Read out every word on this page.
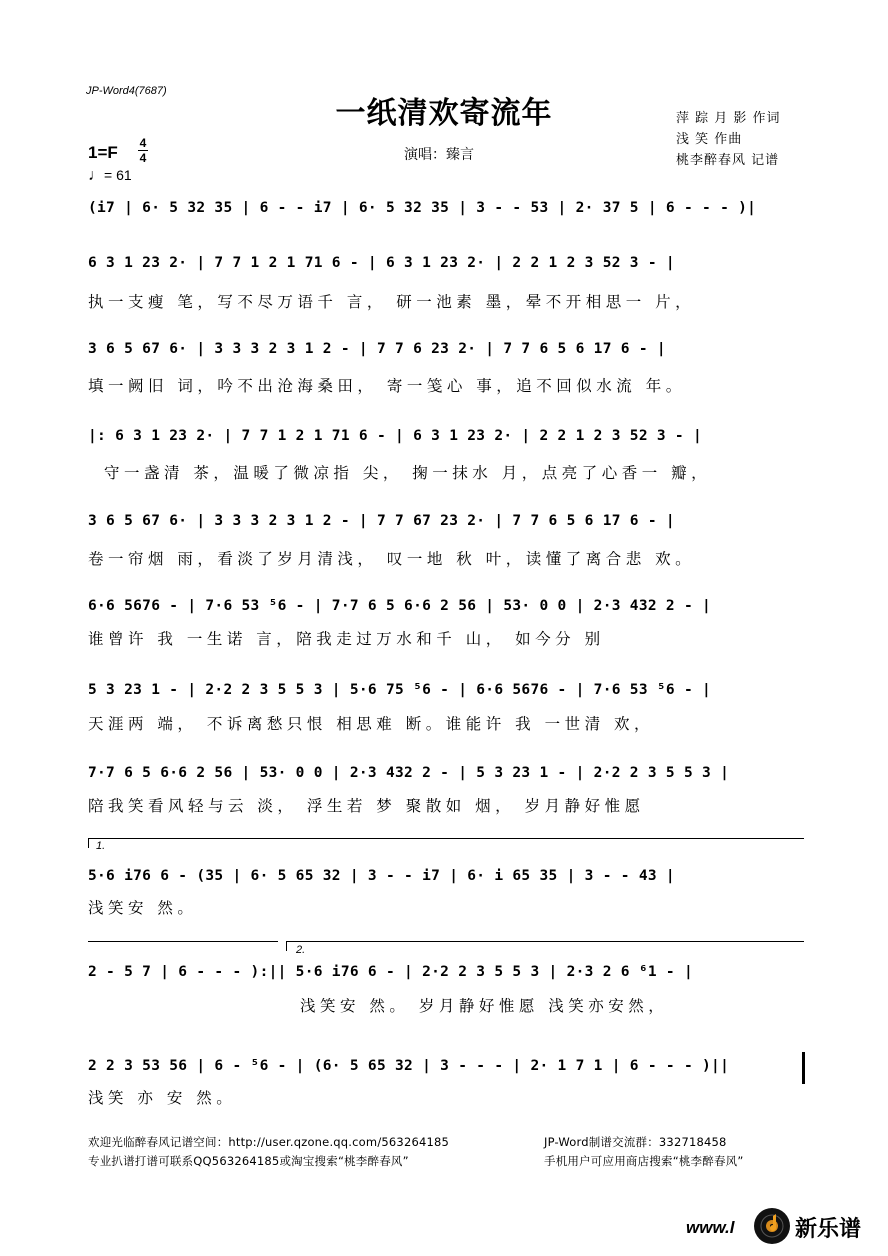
JP-Word4(7687)
一纸清欢寄流年	萍 踪 月 影 作词
浅 笑 作曲
桃李醉春风 记谱
1=F 4
4	演唱：臻言
♩= 61
(i7 | 6· 5 32 35 | 6 - - i7 | 6· 5 32 35 | 3 - - 53 | 2· 37 5 | 6 - - - )|
6 3 1 23 2· | 7 7 1 2 1 71 6 - | 6 3 1 23 2· | 2 2 1 2 3 52 3 - |
执一支瘦 笔，写不尽万语千 言， 研一池素 墨，晕不开相思一 片，
3 6 5 67 6· | 3 3 3 2 3 1 2 - | 7 7 6 23 2· | 7 7 6 5 6 17 6 - |
填一阙旧 词，吟不出沧海桑田， 寄一笺心 事，追不回似水流 年。
|: 6 3 1 23 2· | 7 7 1 2 1 71 6 - | 6 3 1 23 2· | 2 2 1 2 3 52 3 - |
守一盏清 茶，温暖了微凉指 尖， 掬一抹水 月，点亮了心香一 瓣，
3 6 5 67 6· | 3 3 3 2 3 1 2 - | 7 7 67 23 2· | 7 7 6 5 6 17 6 - |
卷一帘烟 雨，看淡了岁月清浅， 叹一地 秋 叶，读懂了离合悲 欢。
6·6 5676 - | 7·6 53 ⁵6 - | 7·7 6 5 6·6 2 56 | 53· 0 0 | 2·3 432 2 - |
谁曾许 我 一生诺 言，陪我走过万水和千 山， 如今分 别
5 3 23 1 - | 2·2 2 3 5 5 3 | 5·6 75 ⁵6 - | 6·6 5676 - | 7·6 53 ⁵6 - |
天涯两 端， 不诉离愁只恨 相思难 断。谁能许 我 一世清 欢，
7·7 6 5 6·6 2 56 | 53· 0 0 | 2·3 432 2 - | 5 3 23 1 - | 2·2 2 3 5 5 3 |
陪我笑看风轻与云 淡， 浮生若 梦 聚散如 烟， 岁月静好惟愿
1.
5·6 i76 6 - (35 | 6· 5 65 32 | 3 - - i7 | 6· i 65 35 | 3 - - 43 |
浅笑安 然。
2.
2 - 5 7 | 6 - - - ):|| 5·6 i76 6 - | 2·2 2 3 5 5 3 | 2·3 2 6 ⁶1 - |
浅笑安 然。 岁月静好惟愿 浅笑亦安然，
2 2 3 53 56 | 6 - ⁵6 - | (6· 5 65 32 | 3 - - - | 2· 1 7 1 | 6 - - - )||
浅笑 亦 安 然。
欢迎光临醉春风记谱空间：http://user.qzone.qq.com/563264185	JP-Word制谱交流群：332718458
专业扒谱打谱可联系QQ563264185或淘宝搜索“桃李醉春风”	手机用户可应用商店搜索“桃李醉春风”
www.l	新乐谱
